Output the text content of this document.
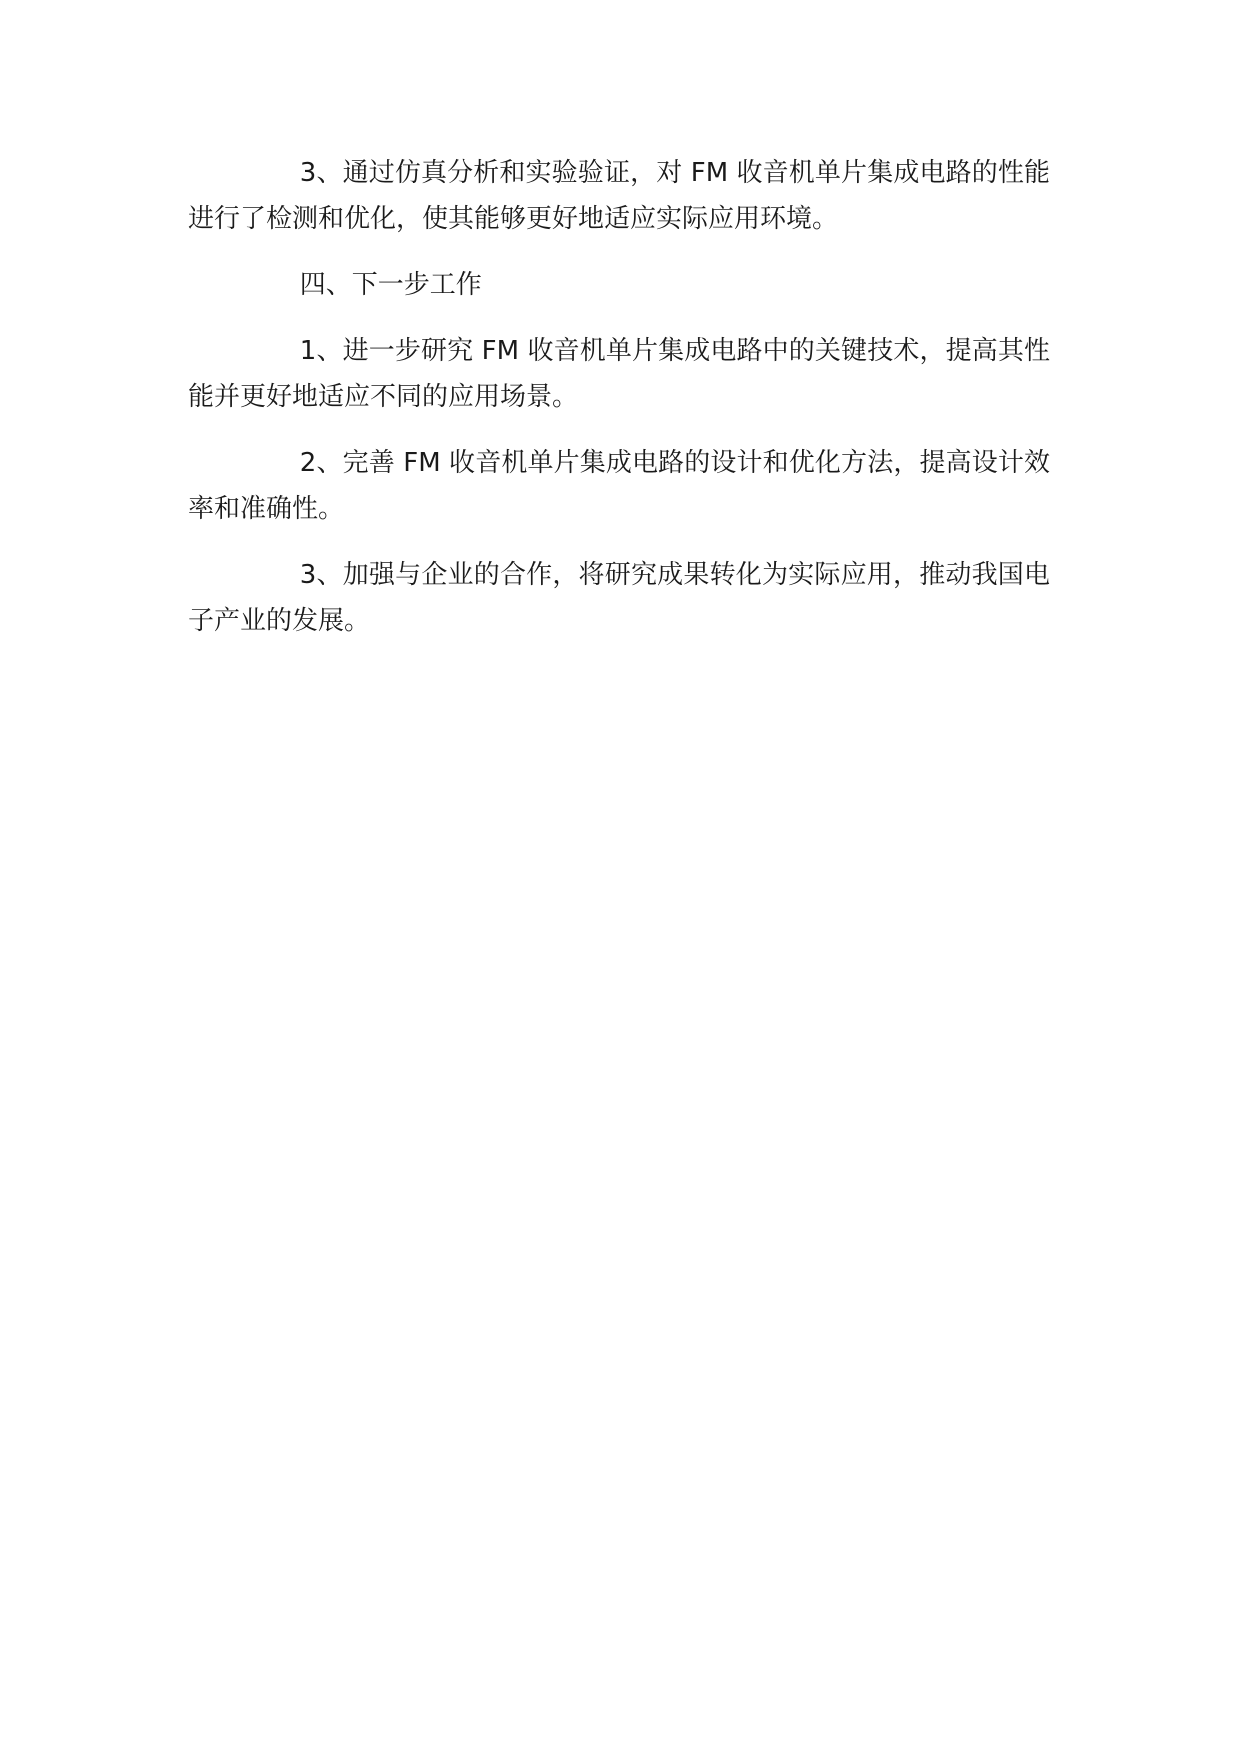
3、通过仿真分析和实验验证，对 FM 收音机单片集成电路的性能进行了检测和优化，使其能够更好地适应实际应用环境。

四、下一步工作

1、进一步研究 FM 收音机单片集成电路中的关键技术，提高其性能并更好地适应不同的应用场景。

2、完善 FM 收音机单片集成电路的设计和优化方法，提高设计效率和准确性。

3、加强与企业的合作，将研究成果转化为实际应用，推动我国电子产业的发展。
